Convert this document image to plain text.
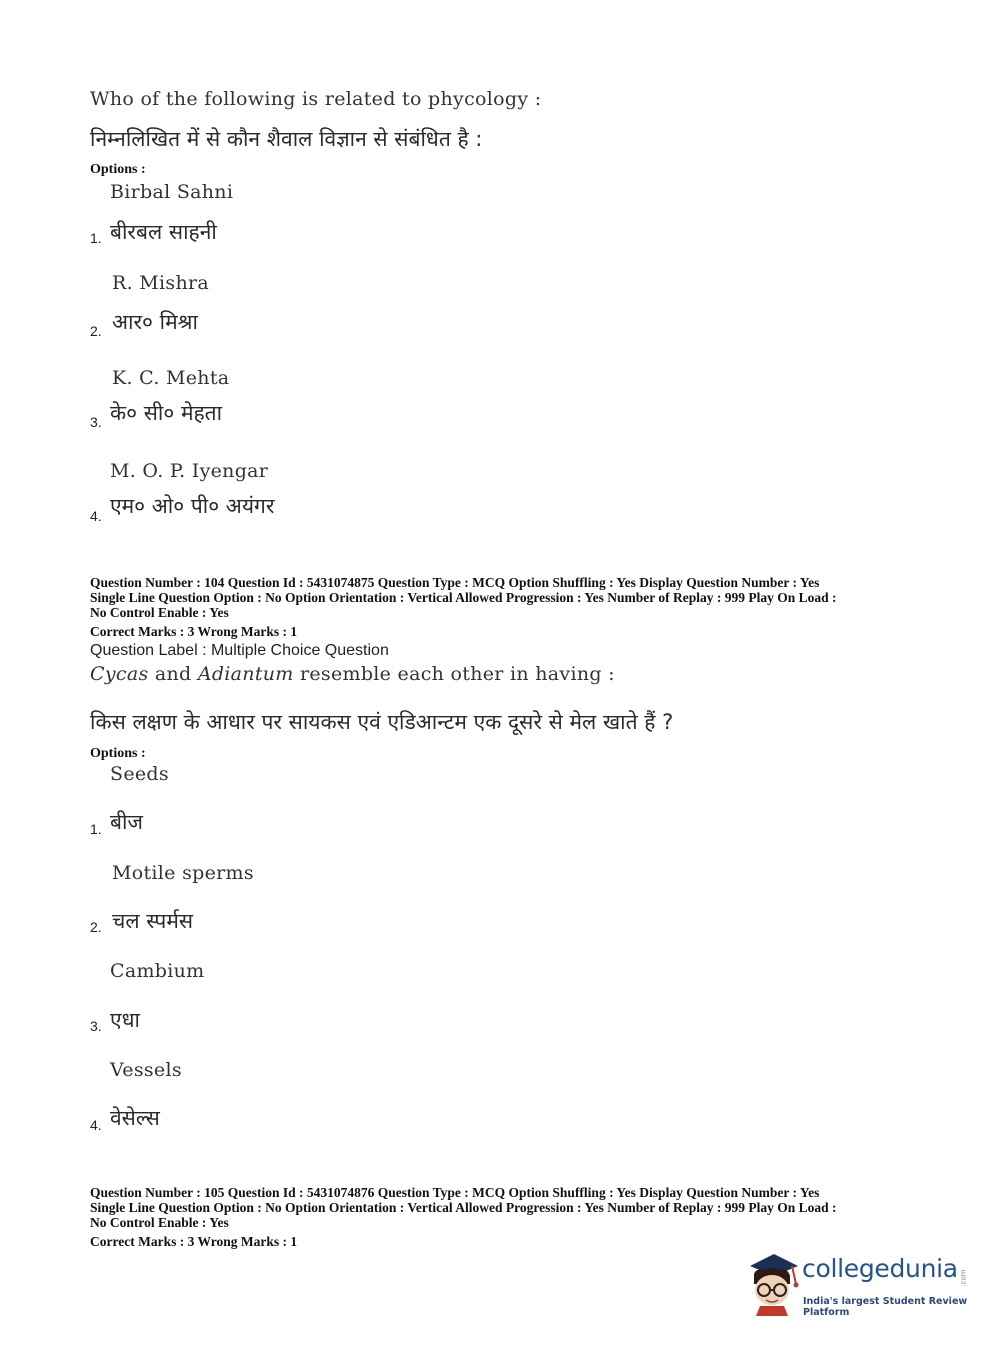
Who of the following is related to phycology :
निम्नलिखित में से कौन शैवाल विज्ञान से संबंधित है :
Options :
Birbal Sahni
1. बीरबल साहनी
R. Mishra
2. आर० मिश्रा
K. C. Mehta
3. के० सी० मेहता
M. O. P. Iyengar
4. एम० ओ० पी० अयंगर
Question Number : 104 Question Id : 5431074875 Question Type : MCQ Option Shuffling : Yes Display Question Number : Yes
Single Line Question Option : No Option Orientation : Vertical Allowed Progression : Yes Number of Replay : 999 Play On Load :
No Control Enable : Yes
Correct Marks : 3 Wrong Marks : 1
Question Label : Multiple Choice Question
Cycas and Adiantum resemble each other in having :
किस लक्षण के आधार पर सायकस एवं एडिआन्टम एक दूसरे से मेल खाते हैं ?
Options :
Seeds
1. बीज
Motile sperms
2. चल स्पर्मस
Cambium
3. एधा
Vessels
4. वेसेल्स
Question Number : 105 Question Id : 5431074876 Question Type : MCQ Option Shuffling : Yes Display Question Number : Yes
Single Line Question Option : No Option Orientation : Vertical Allowed Progression : Yes Number of Replay : 999 Play On Load :
No Control Enable : Yes
Correct Marks : 3 Wrong Marks : 1
collegedunia .com
India's largest Student Review Platform
